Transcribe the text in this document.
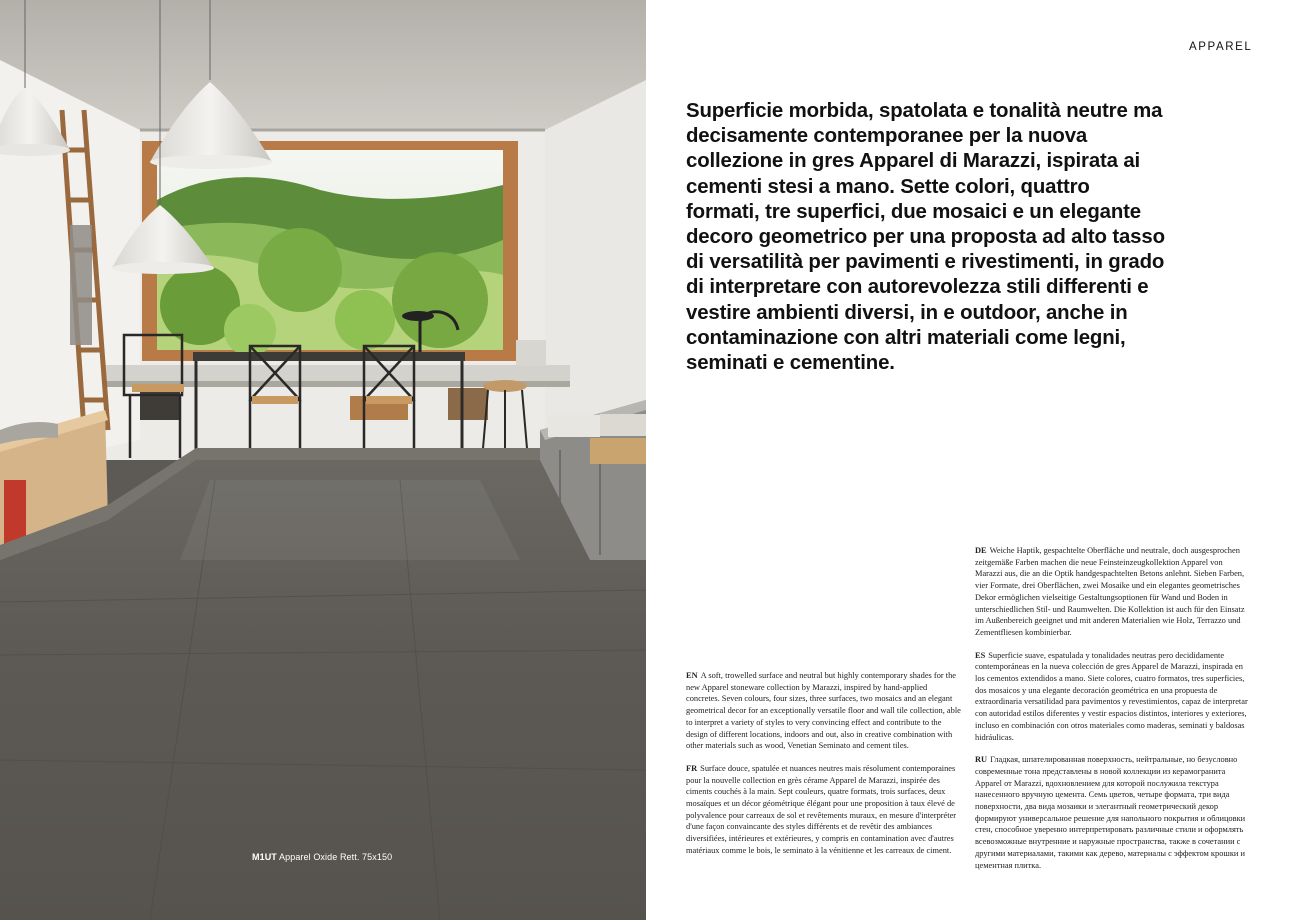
M1UT Apparel Oxide Rett. 75x150
APPAREL
Superficie morbida, spatolata e tonalità neutre ma decisamente contemporanee per la nuova collezione in gres Apparel di Marazzi, ispirata ai cementi stesi a mano. Sette colori, quattro formati, tre superfici, due mosaici e un elegante decoro geometrico per una proposta ad alto tasso di versatilità per pavimenti e rivestimenti, in grado di interpretare con autorevolezza stili differenti e vestire ambienti diversi, in e outdoor, anche in contaminazione con altri materiali come legni, seminati e cementine.

EN A soft, trowelled surface and neutral but highly contemporary shades for the new Apparel stoneware collection by Marazzi, inspired by hand-applied concretes. Seven colours, four sizes, three surfaces, two mosaics and an elegant geometrical decor for an exceptionally versatile floor and wall tile collection, able to interpret a variety of styles to very convincing effect and contribute to the design of different locations, indoors and out, also in creative combination with other materials such as wood, Venetian Seminato and cement tiles.

FR Surface douce, spatulée et nuances neutres mais résolument contemporaines pour la nouvelle collection en grès cérame Apparel de Marazzi, inspirée des ciments couchés à la main. Sept couleurs, quatre formats, trois surfaces, deux mosaïques et un décor géométrique élégant pour une proposition à taux élevé de polyvalence pour carreaux de sol et revêtements muraux, en mesure d'interpréter d'une façon convaincante des styles différents et de revêtir des ambiances diversifiées, intérieures et extérieures, y compris en contamination avec d'autres matériaux comme le bois, le seminato à la vénitienne et les carreaux de ciment.

DE Weiche Haptik, gespachtelte Oberfläche und neutrale, doch ausgesprochen zeitgemäße Farben machen die neue Feinsteinzeugkollektion Apparel von Marazzi aus, die an die Optik handgespachtelten Betons anlehnt. Sieben Farben, vier Formate, drei Oberflächen, zwei Mosaike und ein elegantes geometrisches Dekor ermöglichen vielseitige Gestaltungsoptionen für Wand und Boden in unterschiedlichen Stil- und Raumwelten. Die Kollektion ist auch für den Einsatz im Außenbereich geeignet und mit anderen Materialien wie Holz, Terrazzo und Zementfliesen kombinierbar.

ES Superficie suave, espatulada y tonalidades neutras pero decididamente contemporáneas en la nueva colección de gres Apparel de Marazzi, inspirada en los cementos extendidos a mano. Siete colores, cuatro formatos, tres superficies, dos mosaicos y una elegante decoración geométrica en una propuesta de extraordinaria versatilidad para pavimentos y revestimientos, capaz de interpretar con autoridad estilos diferentes y vestir espacios distintos, interiores y exteriores, incluso en combinación con otros materiales como maderas, seminati y baldosas hidráulicas.

RU Гладкая, шпателированная поверхность, нейтральные, но безусловно современные тона представлены в новой коллекции из керамогранита Apparel от Marazzi, вдохновлением для которой послужила текстура нанесенного вручную цемента. Семь цветов, четыре формата, три вида поверхности, два вида мозаики и элегантный геометрический декор формируют универсальное решение для напольного покрытия и облицовки стен, способное уверенно интерпретировать различные стили и оформлять всевозможные внутренние и наружные пространства, также в сочетании с другими материалами, такими как дерево, материалы с эффектом крошки и цементная плитка.
